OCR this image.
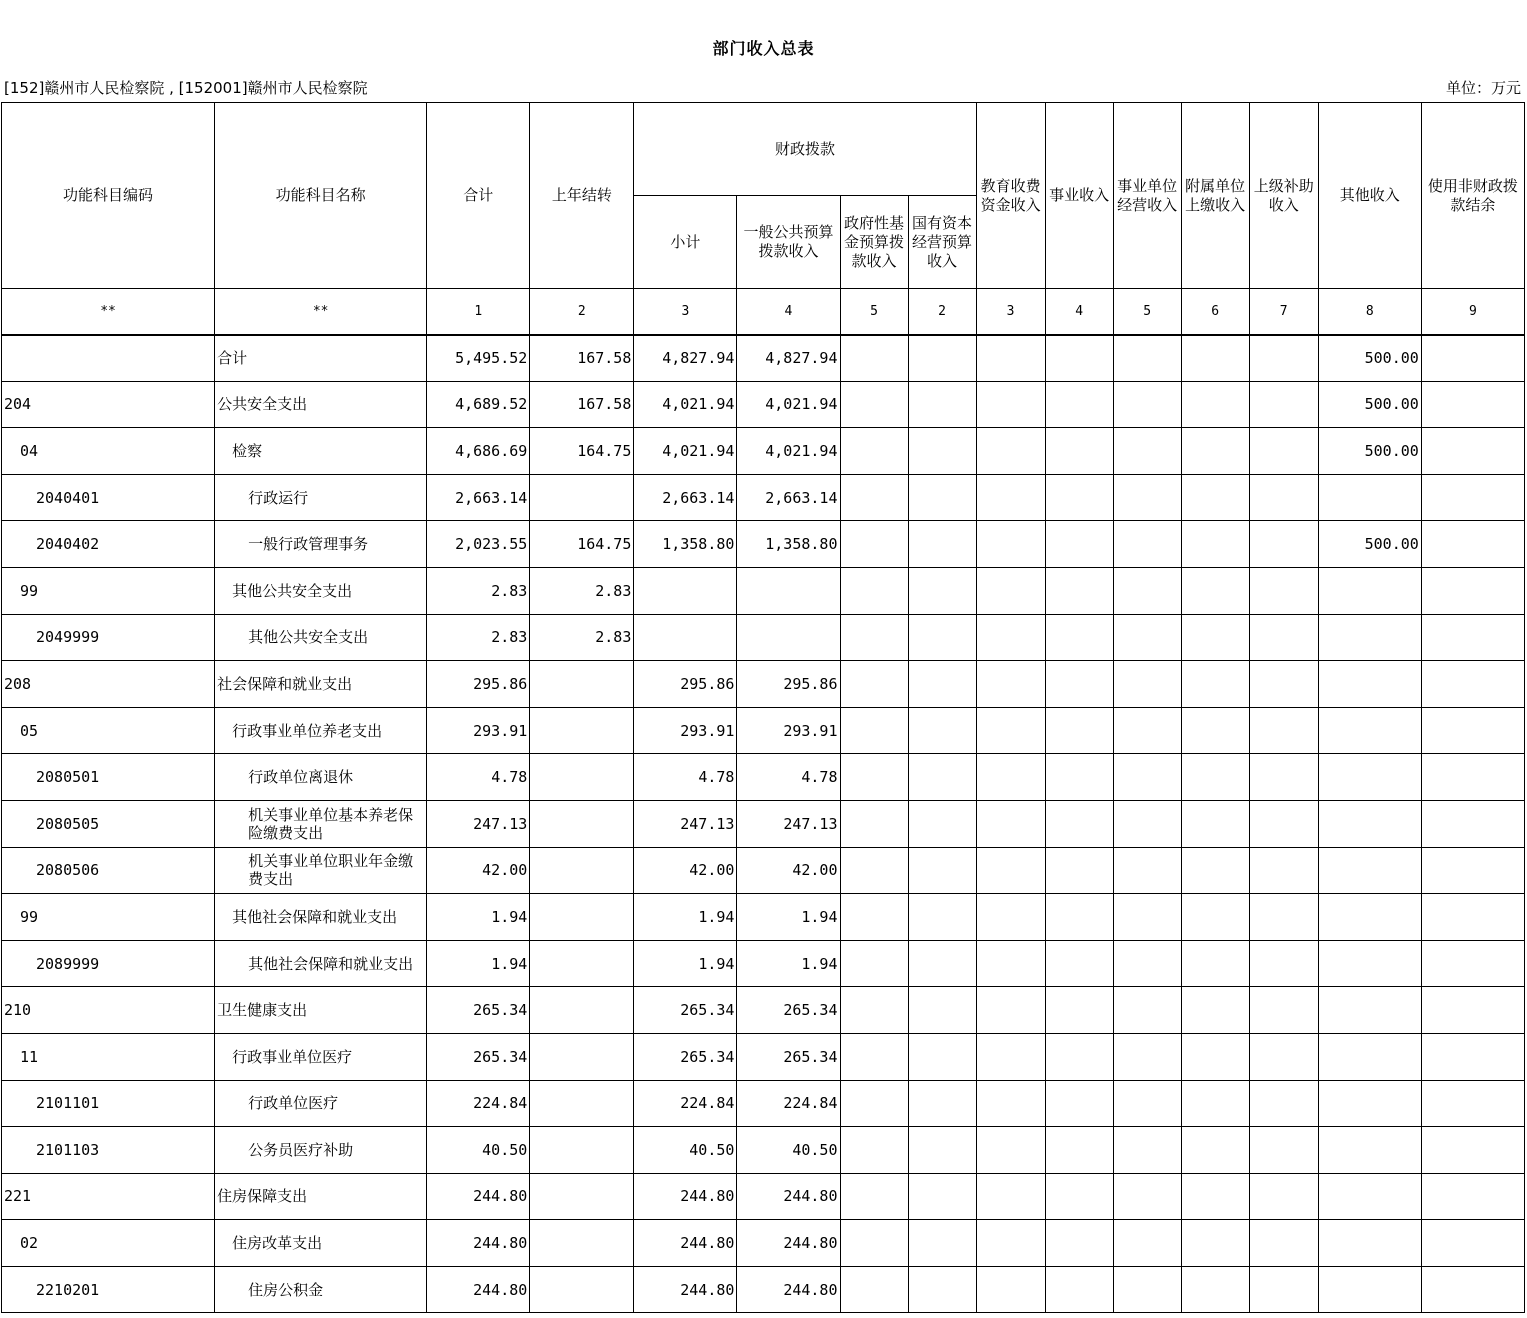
部门收入总表
[152]赣州市人民检察院 , [152001]赣州市人民检察院	单位：万元
功能科目编码	功能科目名称	合计	上年结转	财政拨款				教育收费资金收入	事业收入	事业单位经营收入	附属单位上缴收入	上级补助收入	其他收入	使用非财政拨款结余
				小计	一般公共预算拨款收入	政府性基金预算拨款收入	国有资本经营预算收入							
**	**	1	2	3	4	5	2	3	4	5	6	7	8	9
	合计	5,495.52	167.58	4,827.94	4,827.94								500.00	
204	公共安全支出	4,689.52	167.58	4,021.94	4,021.94								500.00	
04	检察	4,686.69	164.75	4,021.94	4,021.94								500.00	
2040401	行政运行	2,663.14		2,663.14	2,663.14									
2040402	一般行政管理事务	2,023.55	164.75	1,358.80	1,358.80								500.00	
99	其他公共安全支出	2.83	2.83											
2049999	其他公共安全支出	2.83	2.83											
208	社会保障和就业支出	295.86		295.86	295.86									
05	行政事业单位养老支出	293.91		293.91	293.91									
2080501	行政单位离退休	4.78		4.78	4.78									
2080505	机关事业单位基本养老保险缴费支出	247.13		247.13	247.13									
2080506	机关事业单位职业年金缴费支出	42.00		42.00	42.00									
99	其他社会保障和就业支出	1.94		1.94	1.94									
2089999	其他社会保障和就业支出	1.94		1.94	1.94									
210	卫生健康支出	265.34		265.34	265.34									
11	行政事业单位医疗	265.34		265.34	265.34									
2101101	行政单位医疗	224.84		224.84	224.84									
2101103	公务员医疗补助	40.50		40.50	40.50									
221	住房保障支出	244.80		244.80	244.80									
02	住房改革支出	244.80		244.80	244.80									
2210201	住房公积金	244.80		244.80	244.80									
